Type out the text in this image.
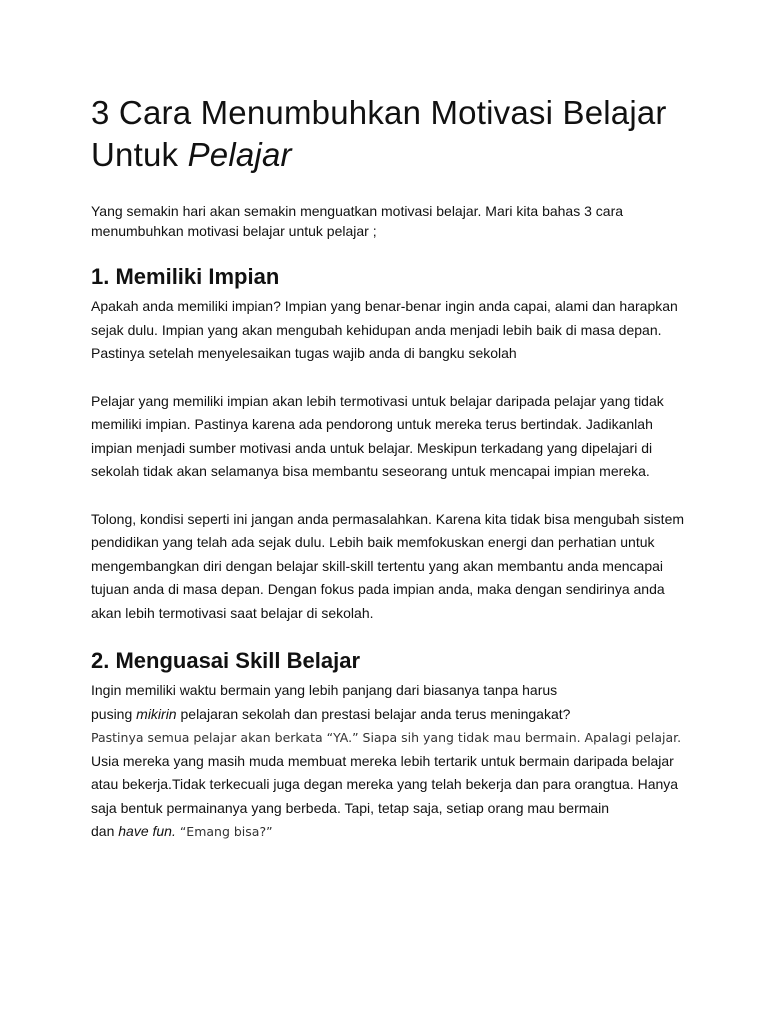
3 Cara Menumbuhkan Motivasi Belajar Untuk Pelajar

Yang semakin hari akan semakin menguatkan motivasi belajar. Mari kita bahas 3 cara menumbuhkan motivasi belajar untuk pelajar ;

1. Memiliki Impian

Apakah anda memiliki impian? Impian yang benar-benar ingin anda capai, alami dan harapkan sejak dulu. Impian yang akan mengubah kehidupan anda menjadi lebih baik di masa depan. Pastinya setelah menyelesaikan tugas wajib anda di bangku sekolah

Pelajar yang memiliki impian akan lebih termotivasi untuk belajar daripada pelajar yang tidak memiliki impian. Pastinya karena ada pendorong untuk mereka terus bertindak. Jadikanlah impian menjadi sumber motivasi anda untuk belajar. Meskipun terkadang yang dipelajari di sekolah tidak akan selamanya bisa membantu seseorang untuk mencapai impian mereka.

Tolong, kondisi seperti ini jangan anda permasalahkan. Karena kita tidak bisa mengubah sistem pendidikan yang telah ada sejak dulu. Lebih baik memfokuskan energi dan perhatian untuk mengembangkan diri dengan belajar skill-skill tertentu yang akan membantu anda mencapai tujuan anda di masa depan. Dengan fokus pada impian anda, maka dengan sendirinya anda akan lebih termotivasi saat belajar di sekolah.

2. Menguasai Skill Belajar

Ingin memiliki waktu bermain yang lebih panjang dari biasanya tanpa harus
pusing mikirin pelajaran sekolah dan prestasi belajar anda terus meningakat?
Pastinya semua pelajar akan berkata “YA.” Siapa sih yang tidak mau bermain. Apalagi pelajar.
Usia mereka yang masih muda membuat mereka lebih tertarik untuk bermain daripada belajar atau bekerja.Tidak terkecuali juga degan mereka yang telah bekerja dan para orangtua. Hanya saja bentuk permainanya yang berbeda. Tapi, tetap saja, setiap orang mau bermain
dan have fun. “Emang bisa?”
